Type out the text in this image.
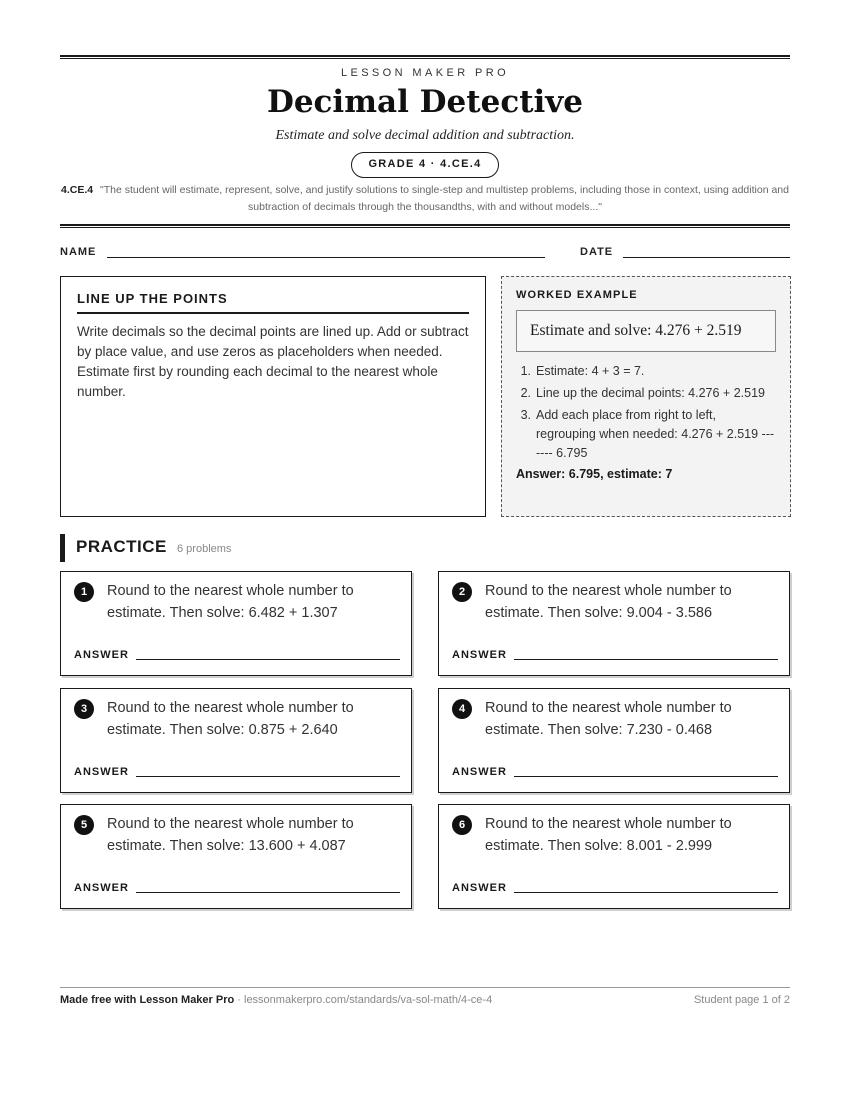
LESSON MAKER PRO
Decimal Detective
Estimate and solve decimal addition and subtraction.
GRADE 4 · 4.CE.4
4.CE.4 "The student will estimate, represent, solve, and justify solutions to single-step and multistep problems, including those in context, using addition and subtraction of decimals through the thousandths, with and without models..."
NAME	DATE
LINE UP THE POINTS
Write decimals so the decimal points are lined up. Add or subtract by place value, and use zeros as placeholders when needed. Estimate first by rounding each decimal to the nearest whole number.
WORKED EXAMPLE
Estimate and solve: 4.276 + 2.519
1. Estimate: 4 + 3 = 7.
2. Line up the decimal points: 4.276 + 2.519
3. Add each place from right to left, regrouping when needed: 4.276 + 2.519 ------- 6.795
Answer: 6.795, estimate: 7
PRACTICE 6 problems
1	Round to the nearest whole number to estimate. Then solve: 6.482 + 1.307
ANSWER
2	Round to the nearest whole number to estimate. Then solve: 9.004 - 3.586
ANSWER
3	Round to the nearest whole number to estimate. Then solve: 0.875 + 2.640
ANSWER
4	Round to the nearest whole number to estimate. Then solve: 7.230 - 0.468
ANSWER
5	Round to the nearest whole number to estimate. Then solve: 13.600 + 4.087
ANSWER
6	Round to the nearest whole number to estimate. Then solve: 8.001 - 2.999
ANSWER
Made free with Lesson Maker Pro · lessonmakerpro.com/standards/va-sol-math/4-ce-4	Student page 1 of 2
